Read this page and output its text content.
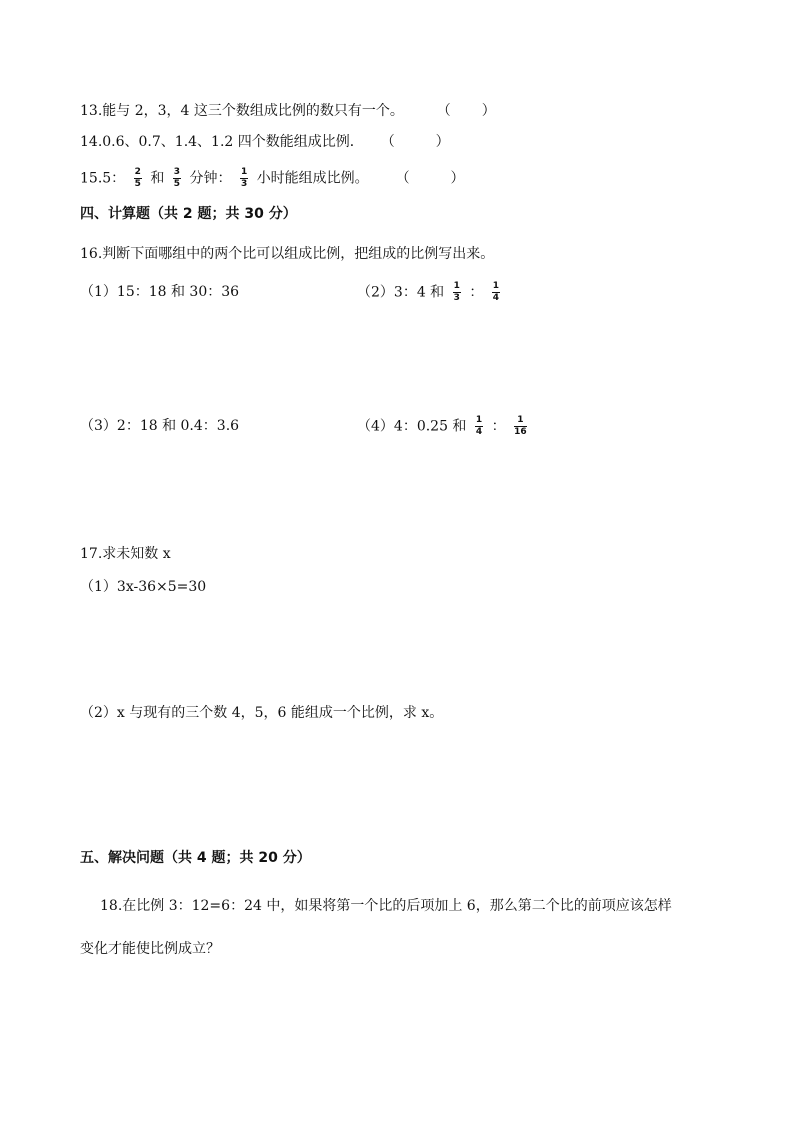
13.能与 2，3，4 这三个数组成比例的数只有一个。 （ ）
14.0.6、0.7、1.4、1.2 四个数能组成比例． （	）
15.5： $\frac{2}{5}$ 和 $\frac{3}{5}$ 分钟： $\frac{1}{3}$ 小时能组成比例。 （	）
四、计算题（共 2 题；共 30 分）
16.判断下面哪组中的两个比可以组成比例，把组成的比例写出来。
（1）15：18 和 30：36	（2）3：4 和 $\frac{1}{3}$ ： $\frac{1}{4}$
（3）2：18 和 0.4：3.6	（4）4：0.25 和 $\frac{1}{4}$ ： $\frac{1}{16}$
17.求未知数 x
（1）3x-36×5=30
（2）x 与现有的三个数 4，5，6 能组成一个比例，求 x。
五、解决问题（共 4 题；共 20 分）
18.在比例 3：12=6：24 中，如果将第一个比的后项加上 6，那么第二个比的前项应该怎样
变化才能使比例成立？
